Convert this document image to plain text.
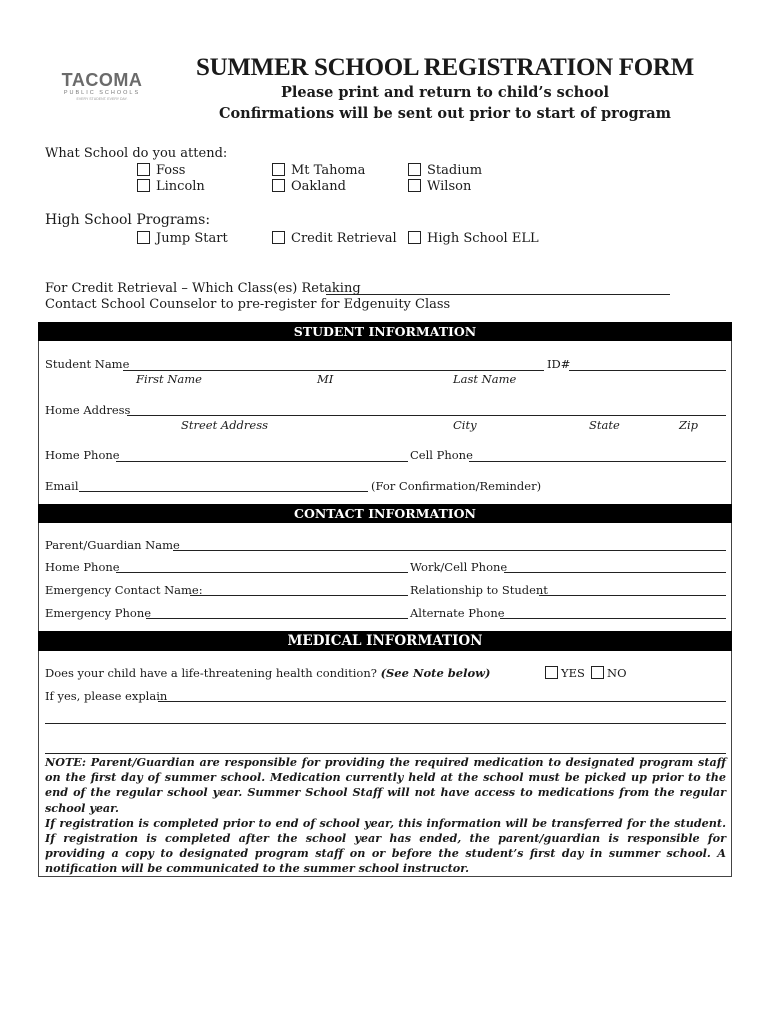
TACOMA
PUBLIC SCHOOLS
EVERY STUDENT. EVERY DAY.
SUMMER SCHOOL REGISTRATION FORM
Please print and return to child’s school
Confirmations will be sent out prior to start of program
What School do you attend:
Foss
Lincoln
Mt Tahoma
Oakland
Stadium
Wilson
High School Programs:
Jump Start	Credit Retrieval	High School ELL
For Credit Retrieval – Which Class(es) Retaking
Contact School Counselor to pre-register for Edgenuity Class
STUDENT INFORMATION
Student Name	ID#
First Name	MI	Last Name
Home Address
Street Address	City	State	Zip
Home Phone	Cell Phone
Email	(For Confirmation/Reminder)
CONTACT INFORMATION
Parent/Guardian Name
Home Phone	Work/Cell Phone
Emergency Contact Name:	Relationship to Student
Emergency Phone	Alternate Phone
MEDICAL INFORMATION
Does your child have a life-threatening health condition? (See Note below)	YES	NO
If yes, please explain

NOTE: Parent/Guardian are responsible for providing the required medication to designated program staff on the first day of summer school. Medication currently held at the school must be picked up prior to the end of the regular school year. Summer School Staff will not have access to medications from the regular school year.

If registration is completed prior to end of school year, this information will be transferred for the student. If registration is completed after the school year has ended, the parent/guardian is responsible for providing a copy to designated program staff on or before the student’s first day in summer school. A notification will be communicated to the summer school instructor.
